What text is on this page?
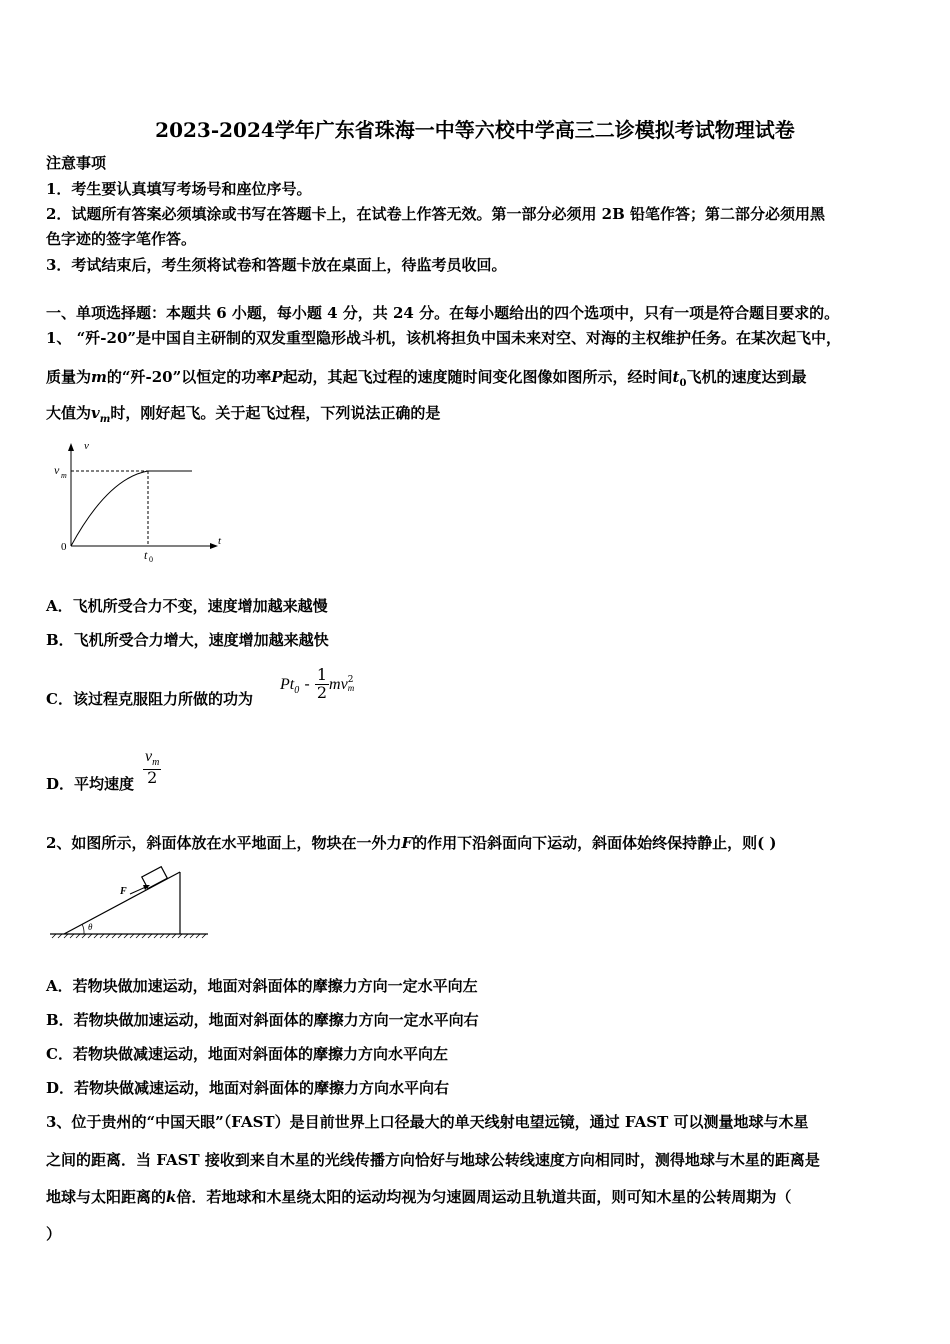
2023-2024学年广东省珠海一中等六校中学高三二诊模拟考试物理试卷
注意事项
1．考生要认真填写考场号和座位序号。
2．试题所有答案必须填涂或书写在答题卡上，在试卷上作答无效。第一部分必须用 2B 铅笔作答；第二部分必须用黑
色字迹的签字笔作答。
3．考试结束后，考生须将试卷和答题卡放在桌面上，待监考员收回。
一、单项选择题：本题共 6 小题，每小题 4 分，共 24 分。在每小题给出的四个选项中，只有一项是符合题目要求的。
1、 “歼-20”是中国自主研制的双发重型隐形战斗机，该机将担负中国未来对空、对海的主权维护任务。在某次起飞中，
质量为m的“歼-20”以恒定的功率P起动，其起飞过程的速度随时间变化图像如图所示，经时间$t_0$飞机的速度达到最
大值为$v_m$时，刚好起飞。关于起飞过程，下列说法正确的是
v
t
v m
0
t 0
A．飞机所受合力不变，速度增加越来越慢
B．飞机所受合力增大，速度增加越来越快
C．该过程克服阻力所做的功为
$Pt_0 - \frac{1}{2}$ mv 2
m
D．平均速度 $\frac{v_m}{2}$
2、如图所示，斜面体放在水平地面上，物块在一外力F的作用下沿斜面向下运动，斜面体始终保持静止，则( )
θ
F
A．若物块做加速运动，地面对斜面体的摩擦力方向一定水平向左
B．若物块做加速运动，地面对斜面体的摩擦力方向一定水平向右
C．若物块做减速运动，地面对斜面体的摩擦力方向水平向左
D．若物块做减速运动，地面对斜面体的摩擦力方向水平向右
3、位于贵州的“中国天眼”（FAST）是目前世界上口径最大的单天线射电望远镜，通过 FAST 可以测量地球与木星
之间的距离．当 FAST 接收到来自木星的光线传播方向恰好与地球公转线速度方向相同时，测得地球与木星的距离是
地球与太阳距离的k倍．若地球和木星绕太阳的运动均视为匀速圆周运动且轨道共面，则可知木星的公转周期为（
）
